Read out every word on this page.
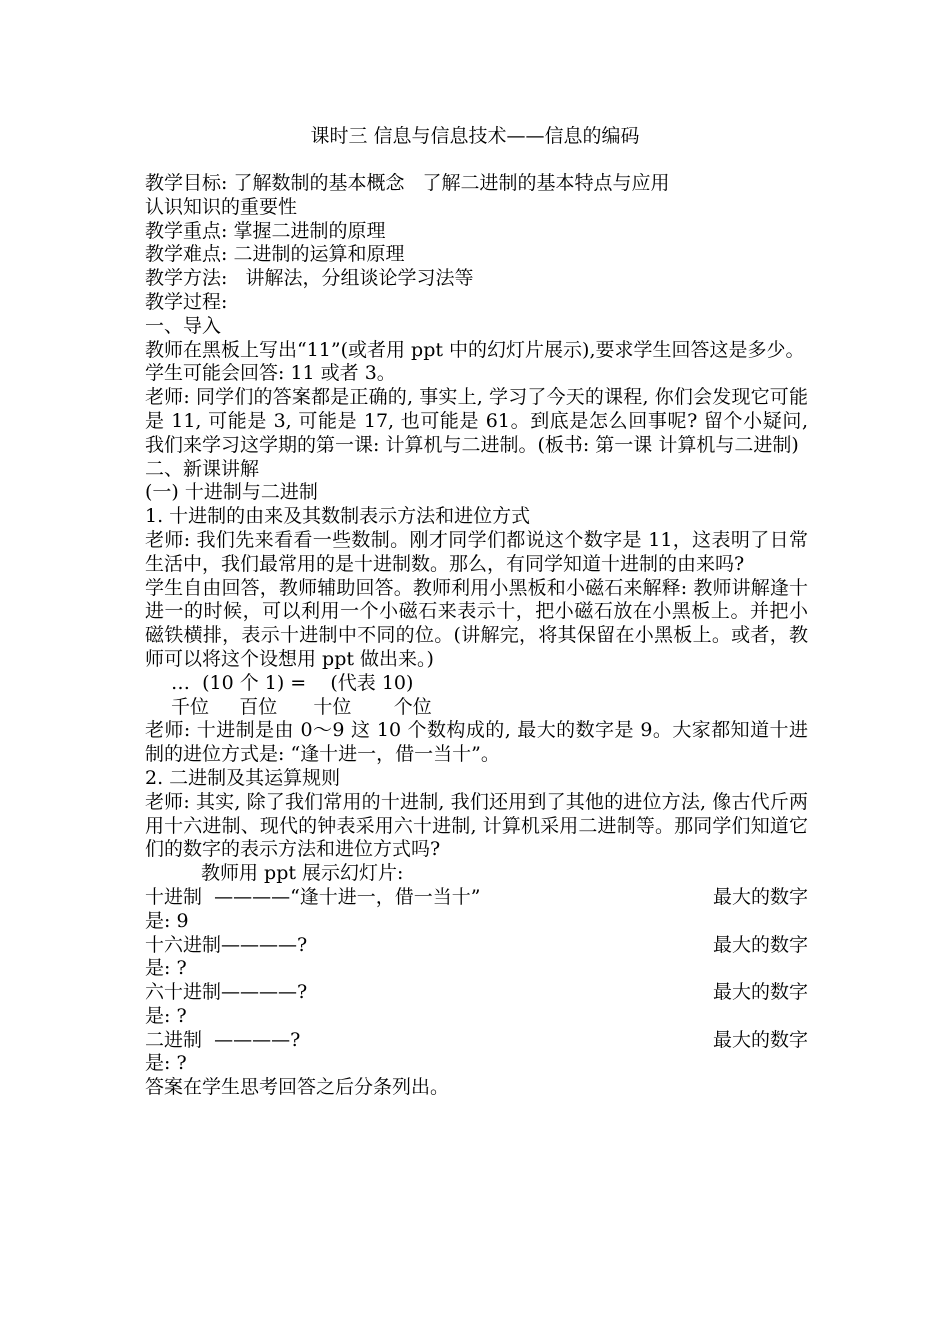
课时三 信息与信息技术——信息的编码
教学目标: 了解数制的基本概念   了解二进制的基本特点与应用
认识知识的重要性
教学重点: 掌握二进制的原理
教学难点: 二进制的运算和原理
教学方法:   讲解法，分组谈论学习法等
教学过程:
一、导入
教师在黑板上写出“11”(或者用 ppt 中的幻灯片展示),要求学生回答这是多少。
学生可能会回答: 11 或者 3。
老师: 同学们的答案都是正确的, 事实上, 学习了今天的课程, 你们会发现它可能是 11, 可能是 3, 可能是 17, 也可能是 61。到底是怎么回事呢? 留个小疑问, 我们来学习这学期的第一课: 计算机与二进制。(板书: 第一课 计算机与二进制)
二、新课讲解
(一) 十进制与二进制
1. 十进制的由来及其数制表示方法和进位方式
老师: 我们先来看看一些数制。刚才同学们都说这个数字是 11，这表明了日常生活中，我们最常用的是十进制数。那么，有同学知道十进制的由来吗?
学生自由回答，教师辅助回答。教师利用小黑板和小磁石来解释: 教师讲解逢十进一的时候，可以利用一个小磁石来表示十，把小磁石放在小黑板上。并把小磁铁横排，表示十进制中不同的位。(讲解完，将其保留在小黑板上。或者，教师可以将这个设想用 ppt 做出来。)
…  (10 个 1) =    (代表 10)
千位     百位      十位       个位
老师: 十进制是由 0～9 这 10 个数构成的, 最大的数字是 9。大家都知道十进制的进位方式是: “逢十进一，借一当十”。
2. 二进制及其运算规则
老师: 其实, 除了我们常用的十进制, 我们还用到了其他的进位方法, 像古代斤两用十六进制、现代的钟表采用六十进制, 计算机采用二进制等。那同学们知道它们的数字的表示方法和进位方式吗?
教师用 ppt 展示幻灯片:
十进制  ————“逢十进一，借一当十”	最大的数字
是: 9
十六进制————?	最大的数字
是: ?
六十进制————?	最大的数字
是: ?
二进制  ————?	最大的数字
是: ?
答案在学生思考回答之后分条列出。
